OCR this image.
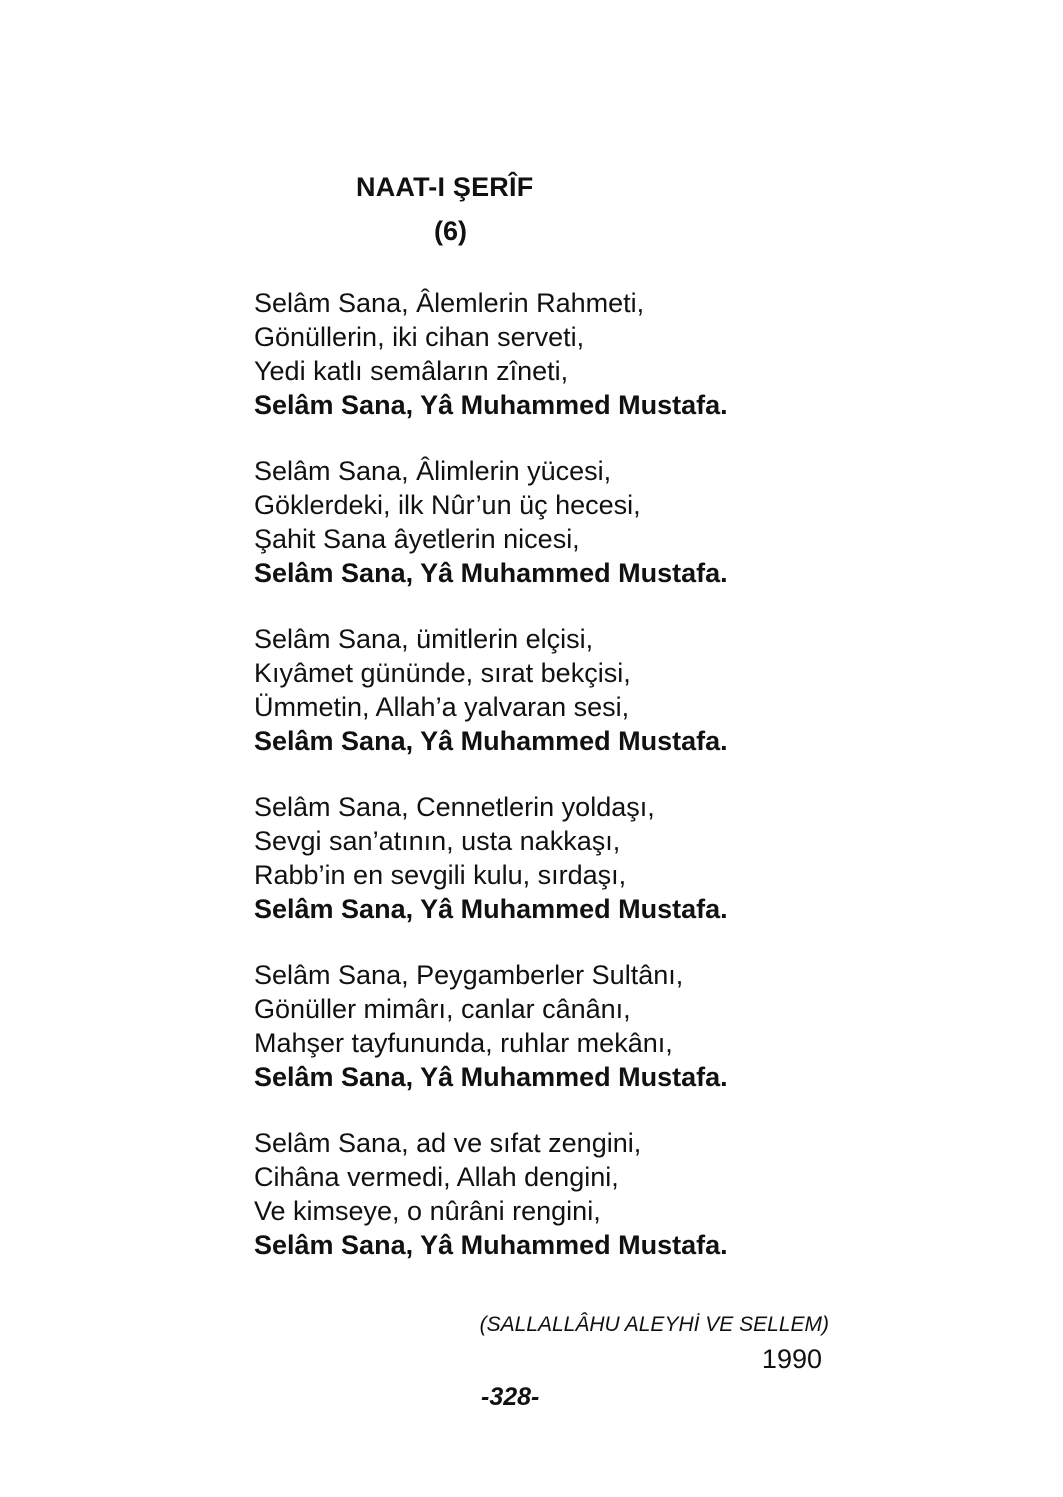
NAAT-I ŞERÎF
(6)
Selâm Sana, Âlemlerin Rahmeti,
Gönüllerin, iki cihan serveti,
Yedi katlı semâların zîneti,
Selâm Sana, Yâ Muhammed Mustafa.
Selâm Sana, Âlimlerin yücesi,
Göklerdeki, ilk Nûr’un üç hecesi,
Şahit Sana âyetlerin nicesi,
Selâm Sana, Yâ Muhammed Mustafa.
Selâm Sana, ümitlerin elçisi,
Kıyâmet gününde, sırat bekçisi,
Ümmetin, Allah’a yalvaran sesi,
Selâm Sana, Yâ Muhammed Mustafa.
Selâm Sana, Cennetlerin yoldaşı,
Sevgi san’atının, usta nakkaşı,
Rabb’in en sevgili kulu, sırdaşı,
Selâm Sana, Yâ Muhammed Mustafa.
Selâm Sana, Peygamberler Sultânı,
Gönüller mimârı, canlar cânânı,
Mahşer tayfununda, ruhlar mekânı,
Selâm Sana, Yâ Muhammed Mustafa.
Selâm Sana, ad ve sıfat zengini,
Cihâna vermedi, Allah dengini,
Ve kimseye, o nûrâni rengini,
Selâm Sana, Yâ Muhammed Mustafa.
(SALLALLÂHU ALEYHİ VE SELLEM)
1990
-328-
